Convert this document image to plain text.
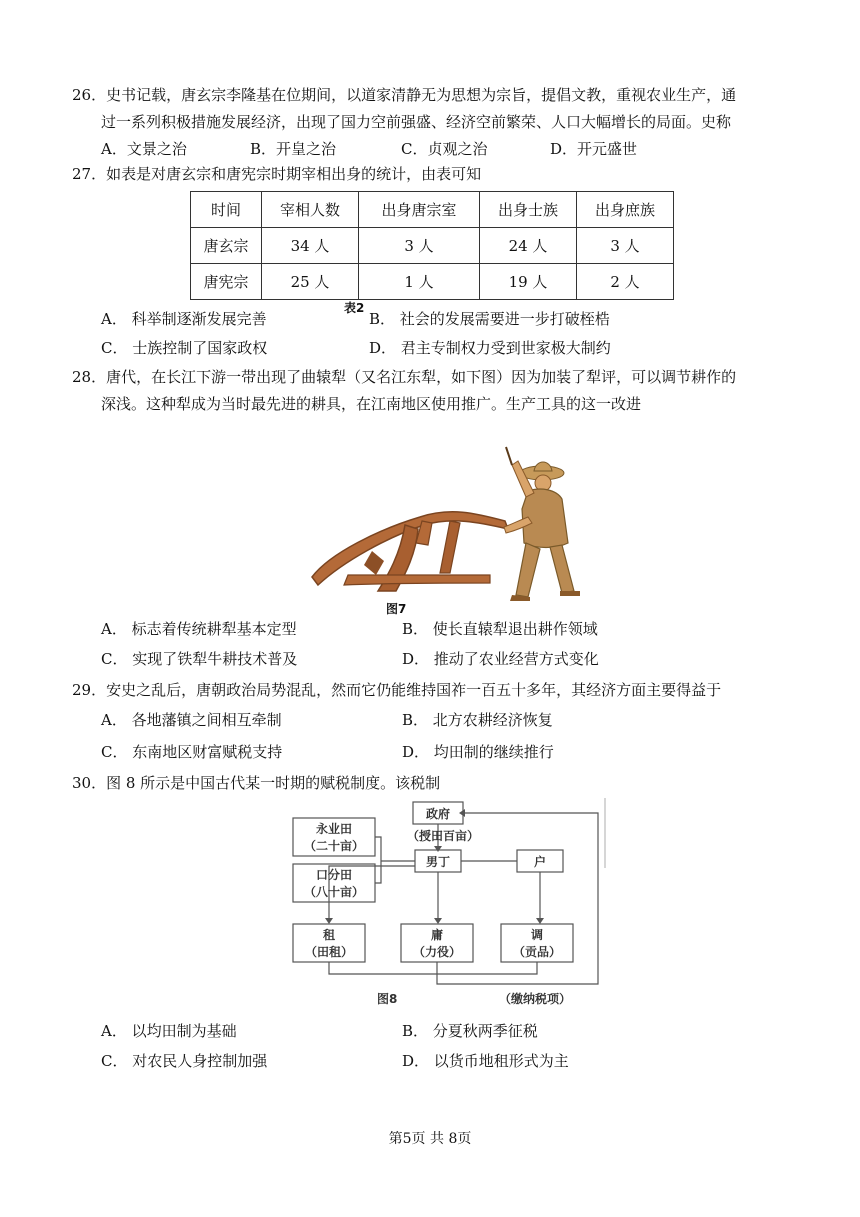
26．史书记载，唐玄宗李隆基在位期间，以道家清静无为思想为宗旨，提倡文教，重视农业生产，通
过一系列积极措施发展经济，出现了国力空前强盛、经济空前繁荣、人口大幅增长的局面。史称
A．文景之治	B．开皇之治	C．贞观之治	D．开元盛世
27．如表是对唐玄宗和唐宪宗时期宰相出身的统计，由表可知
时间	宰相人数	出身唐宗室	出身士族	出身庶族
唐玄宗	34 人	3 人	24 人	3 人
唐宪宗	25 人	1 人	19 人	2 人
表2
A． 科举制逐渐发展完善	B． 社会的发展需要进一步打破桎梏
C． 士族控制了国家政权	D． 君主专制权力受到世家极大制约
28．唐代，在长江下游一带出现了曲辕犁（又名江东犁，如下图）因为加装了犁评，可以调节耕作的
深浅。这种犁成为当时最先进的耕具，在江南地区使用推广。生产工具的这一改进
图7
A． 标志着传统耕犁基本定型	B． 使长直辕犁退出耕作领域
C． 实现了铁犁牛耕技术普及	D． 推动了农业经营方式变化
29．安史之乱后，唐朝政治局势混乱，然而它仍能维持国祚一百五十多年，其经济方面主要得益于
A． 各地藩镇之间相互牵制	B． 北方农耕经济恢复
C． 东南地区财富赋税支持	D． 均田制的继续推行
30．图 8 所示是中国古代某一时期的赋税制度。该税制
政府
（授田百亩）
永业田
（二十亩）
口分田
（八十亩）
男丁	户
租
（田租）
庸
（力役）
调
（贡品）
图8	（缴纳税项）
A． 以均田制为基础	B． 分夏秋两季征税
C． 对农民人身控制加强	D． 以货币地租形式为主
第5页 共 8页
